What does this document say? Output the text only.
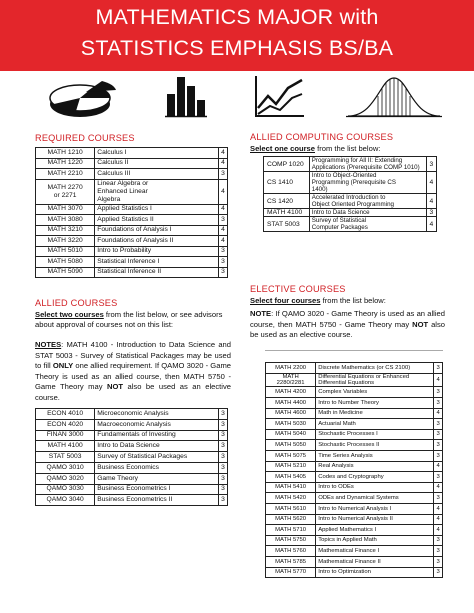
MATHEMATICS MAJOR with
STATISTICS EMPHASIS BS/BA
REQUIRED COURSES
MATH 1210	Calculus I	4
MATH 1220	Calculus II	4
MATH 2210	Calculus III	3
MATH 2270
or 2271	Linear Algebra or
Enhanced Linear
Algebra	4
MATH 3070	Applied Statistics I	4
MATH 3080	Applied Statistics II	3
MATH 3210	Foundations of Analysis I	4
MATH 3220	Foundations of Analysis II	4
MATH 5010	Intro to Probability	3
MATH 5080	Statistical Inference I	3
MATH 5090	Statistical Inference II	3
ALLIED COURSES
Select two courses from the list below, or see advisors about approval of courses not on this list:
NOTES: MATH 4100 - Introduction to Data Science and STAT 5003 - Survey of Statistical Packages may be used to fill ONLY one allied requirement. If QAMO 3020 - Game Theory is used as an allied course, then MATH 5750 - Game Theory may NOT also be used as an elective course.
ECON 4010	Microeconomic Analysis	3
ECON 4020	Macroeconomic Analysis	3
FINAN 3000	Fundamentals of Investing	3
MATH 4100	Intro to Data Science	3
STAT 5003	Survey of Statistical Packages	3
QAMO 3010	Business Economics	3
QAMO 3020	Game Theory	3
QAMO 3030	Business Econometrics I	3
QAMO 3040	Business Econometrics II	3
ALLIED COMPUTING COURSES
Select one course from the list below:
COMP 1020	Programming for All II: Extending
Applications (Prerequisite COMP 1010)	3
CS 1410	Intro to Object-Oriented
Programming (Prerequisite CS
1400)	4
CS 1420	Accelerated Introduction to
Object Oriented Programming	4
MATH 4100	Intro to Data Science	3
STAT 5003	Survey of Statistical
Computer Packages	4
ELECTIVE COURSES
Select four courses from the list below:
NOTE: If QAMO 3020 - Game Theory is used as an allied course, then MATH 5750 - Game Theory may NOT also be used as an elective course.
MATH 2200	Discrete Mathematics (or CS 2100)	3
MATH
2280/2281	Differential Equations or Enhanced
Differential Equations	4
MATH 4200	Complex Variables	3
MATH 4400	Intro to Number Theory	3
MATH 4600	Math in Medicine	4
MATH 5030	Actuarial Math	3
MATH 5040	Stochastic Processes I	3
MATH 5050	Stochastic Processes II	3
MATH 5075	Time Series Analysis	3
MATH 5210	Real Analysis	4
MATH 5405	Codes and Cryptography	3
MATH 5410	Intro to ODEs	4
MATH 5420	ODEs and Dynamical Systems	3
MATH 5610	Intro to Numerical Analysis I	4
MATH 5620	Intro to Numerical Analysis II	4
MATH 5710	Applied Mathematics I	4
MATH 5750	Topics in Applied Math	3
MATH 5760	Mathematical Finance I	3
MATH 5785	Mathematical Finance II	3
MATH 5770	Intro to Optimization	3
